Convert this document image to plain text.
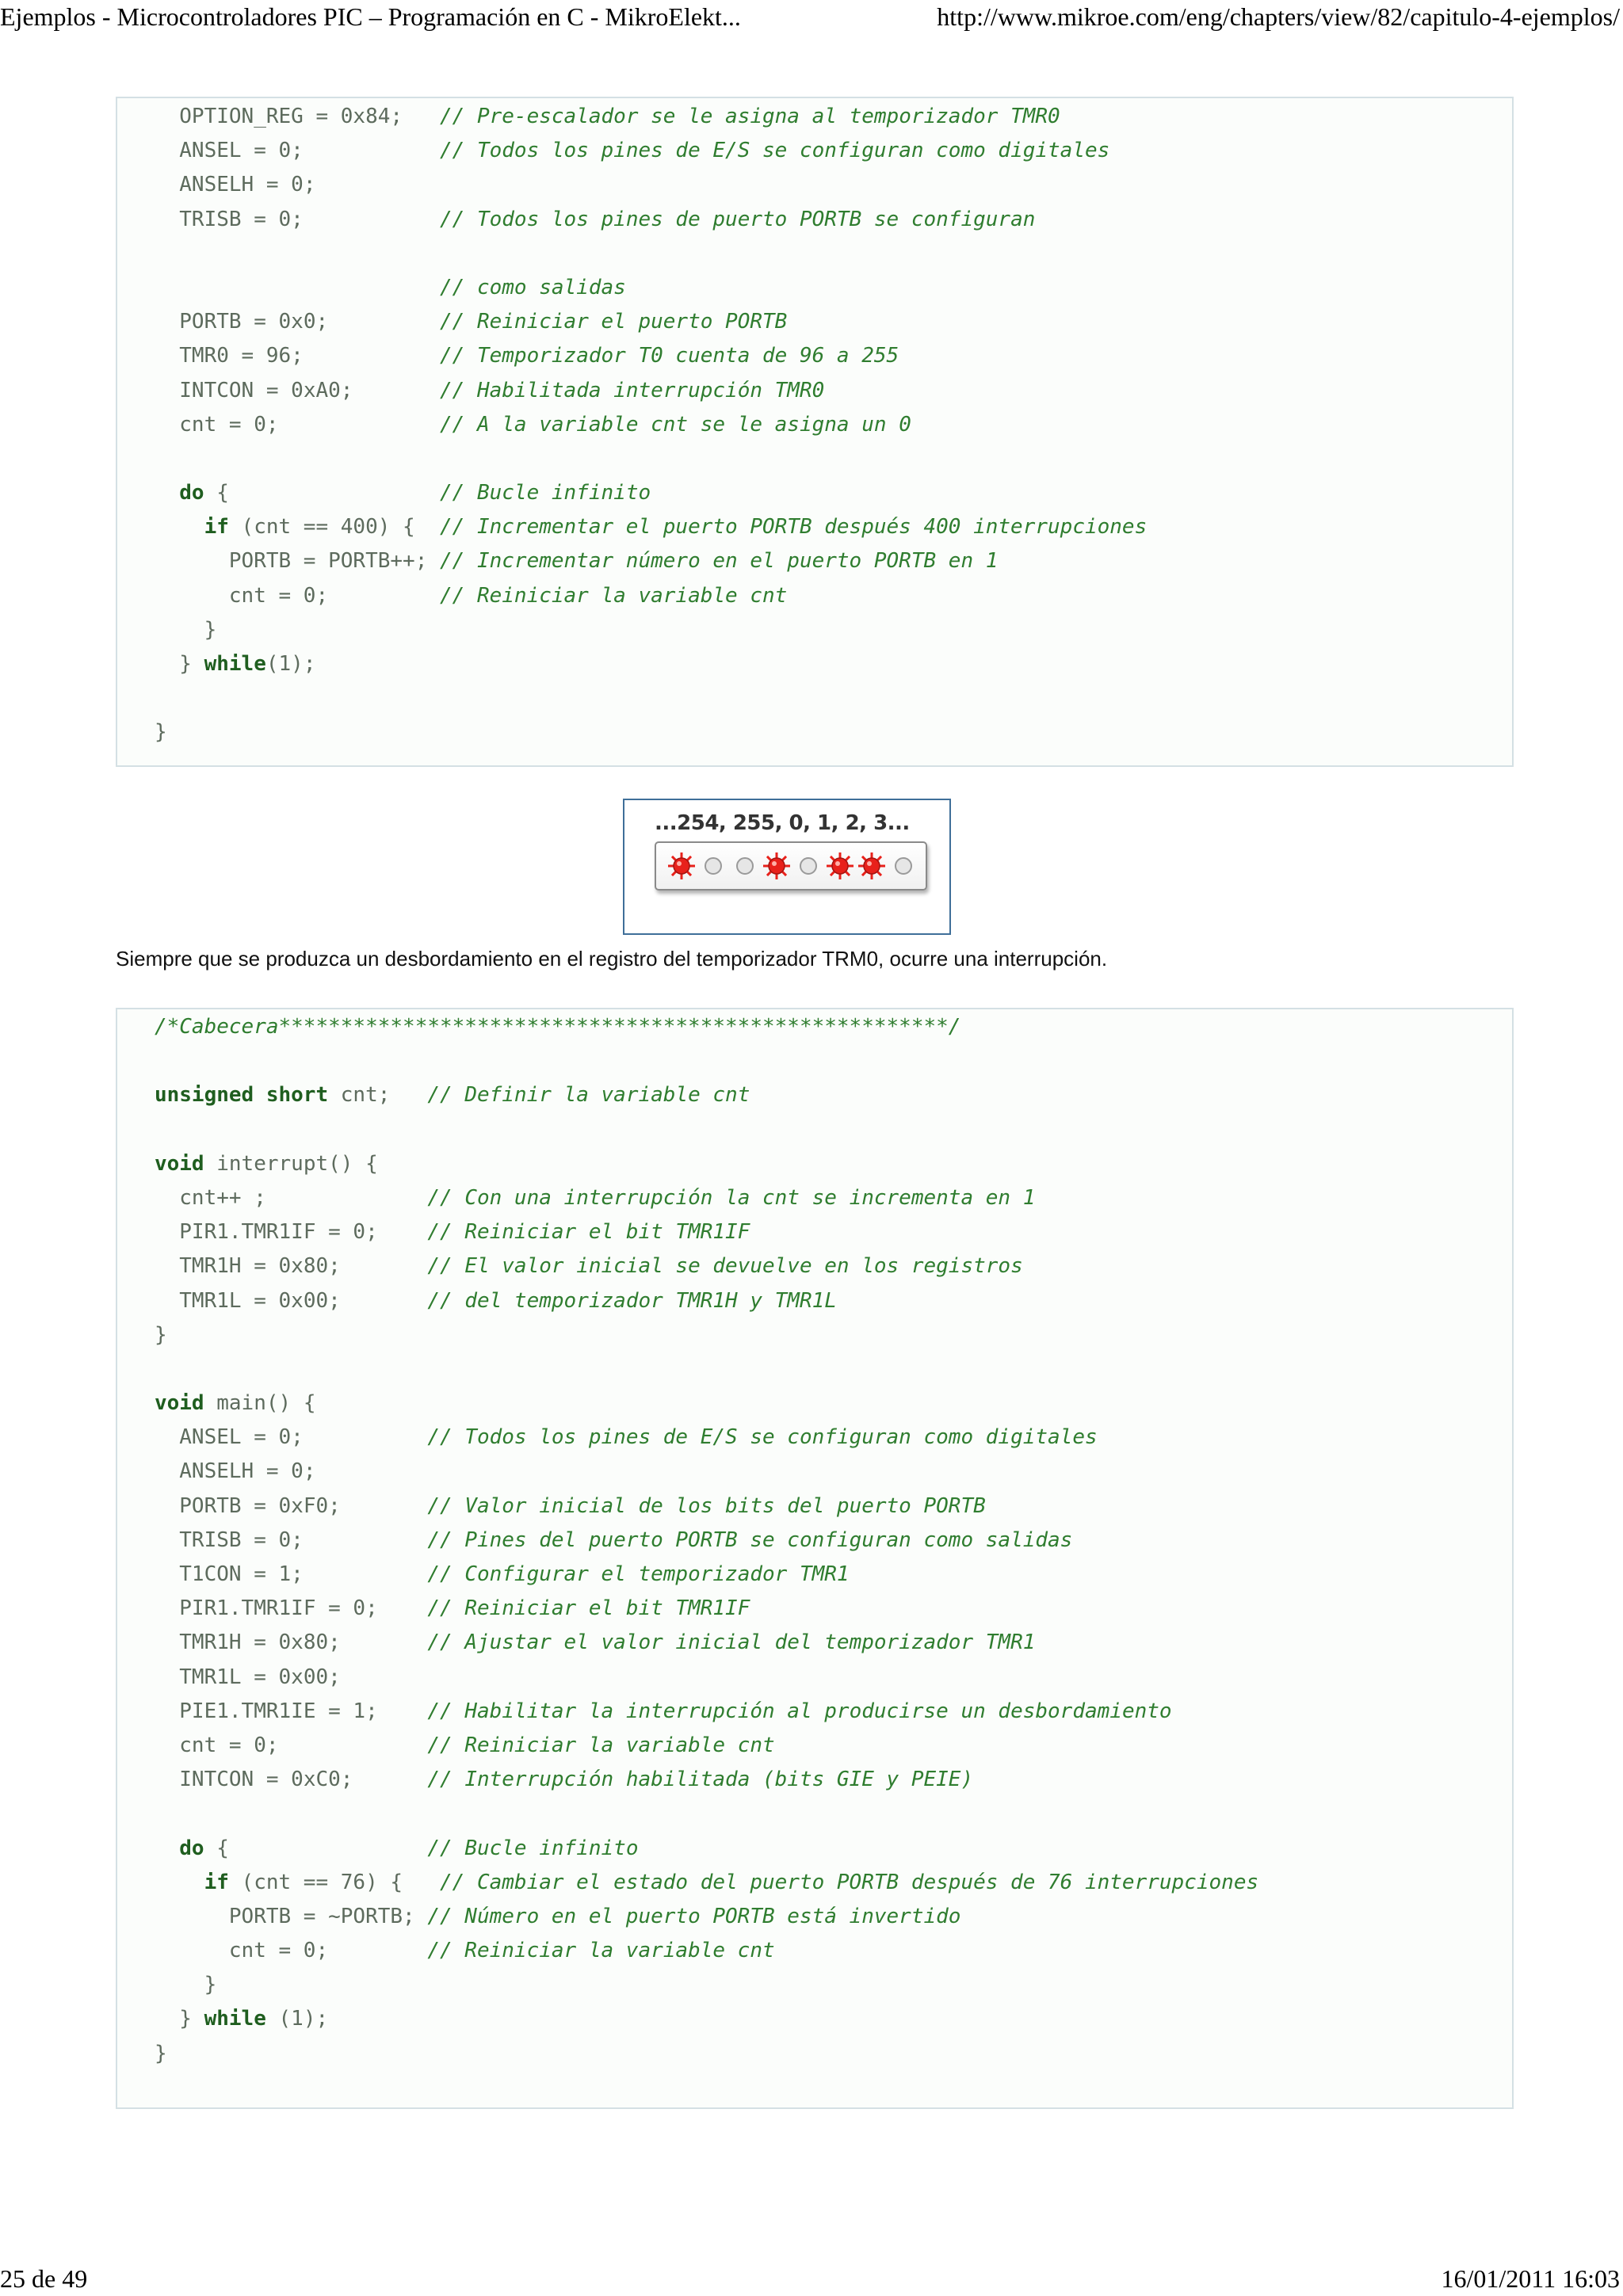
Ejemplos - Microcontroladores PIC – Programación en C - MikroElekt...	http://www.mikroe.com/eng/chapters/view/82/capitulo-4-ejemplos/
OPTION_REG = 0x84;   // Pre-escalador se le asigna al temporizador TMR0
ANSEL = 0;           // Todos los pines de E/S se configuran como digitales
ANSELH = 0;
TRISB = 0;           // Todos los pines de puerto PORTB se configuran

// como salidas
PORTB = 0x0;         // Reiniciar el puerto PORTB
TMR0 = 96;           // Temporizador T0 cuenta de 96 a 255
INTCON = 0xA0;       // Habilitada interrupción TMR0
cnt = 0;             // A la variable cnt se le asigna un 0

do {                 // Bucle infinito
if (cnt == 400) {  // Incrementar el puerto PORTB después 400 interrupciones
PORTB = PORTB++; // Incrementar número en el puerto PORTB en 1
cnt = 0;         // Reiniciar la variable cnt
}
} while(1);

}
...254, 255, 0, 1, 2, 3...
Siempre que se produzca un desbordamiento en el registro del temporizador TRM0, ocurre una interrupción.
/*Cabecera******************************************************/

unsigned short cnt;   // Definir la variable cnt

void interrupt() {
cnt++ ;             // Con una interrupción la cnt se incrementa en 1
PIR1.TMR1IF = 0;    // Reiniciar el bit TMR1IF
TMR1H = 0x80;       // El valor inicial se devuelve en los registros
TMR1L = 0x00;       // del temporizador TMR1H y TMR1L
}

void main() {
ANSEL = 0;          // Todos los pines de E/S se configuran como digitales
ANSELH = 0;
PORTB = 0xF0;       // Valor inicial de los bits del puerto PORTB
TRISB = 0;          // Pines del puerto PORTB se configuran como salidas
T1CON = 1;          // Configurar el temporizador TMR1
PIR1.TMR1IF = 0;    // Reiniciar el bit TMR1IF
TMR1H = 0x80;       // Ajustar el valor inicial del temporizador TMR1
TMR1L = 0x00;
PIE1.TMR1IE = 1;    // Habilitar la interrupción al producirse un desbordamiento
cnt = 0;            // Reiniciar la variable cnt
INTCON = 0xC0;      // Interrupción habilitada (bits GIE y PEIE)

do {                // Bucle infinito
if (cnt == 76) {   // Cambiar el estado del puerto PORTB después de 76 interrupciones
PORTB = ~PORTB; // Número en el puerto PORTB está invertido
cnt = 0;        // Reiniciar la variable cnt
}
} while (1);
}
25 de 49	16/01/2011 16:03
